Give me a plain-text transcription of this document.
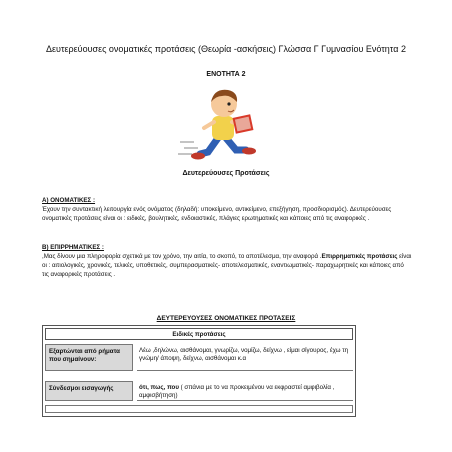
Δευτερεύουσες ονοματικές προτάσεις (Θεωρία -ασκήσεις) Γλώσσα Γ Γυμνασίου Ενότητα 2
ΕΝΟΤΗΤΑ 2
Δευτερεύουσες Προτάσεις

Α) ΟΝΟΜΑΤΙΚΕΣ :

Έχουν την συντακτική λειτουργία ενός ονόματος (δηλαδή: υποκείμενο, αντικείμενο, επεξήγηση, προσδιορισμός). Δευτερεύουσες ονοματικές προτάσεις είναι οι : ειδικές, βουλητικές, ενδοιαστικές, πλάγιες ερωτηματικές και κάποιες από τις αναφορικές .

Β) ΕΠΙΡΡΗΜΑΤΙΚΕΣ :

,Μας δίνουν μια πληροφορία σχετικά με τον χρόνο, την αιτία, το σκοπό, το αποτέλεσμα, την αναφορά .Επιρρηματικές προτάσεις είναι οι : αιτιολογικές, χρονικές, τελικές, υποθετικές, συμπερασματικές- αποτελεσματικές, εναντιωματικές- παραχωρητικές και κάποιες από τις αναφορικές προτάσεις .

ΔΕΥΤΕΡΕΥΟΥΣΕΣ ΟΝΟΜΑΤΙΚΕΣ ΠΡΟΤΑΣΕΙΣ
Ειδικές προτάσεις
Εξαρτώνται από ρήματα που σημαίνουν:
Λέω ,δηλώνω, αισθάνομαι, γνωρίζω, νομίζω, δείχνω , είμαι σίγουρος, έχω τη γνώμη/ άποψη, δείχνω, αισθάνομαι κ.α
Σύνδεσμοι εισαγωγής	ότι, πως, που ( σπάνια με το να προκειμένου να εκφραστεί αμφιβολία , αμφισβήτηση)
